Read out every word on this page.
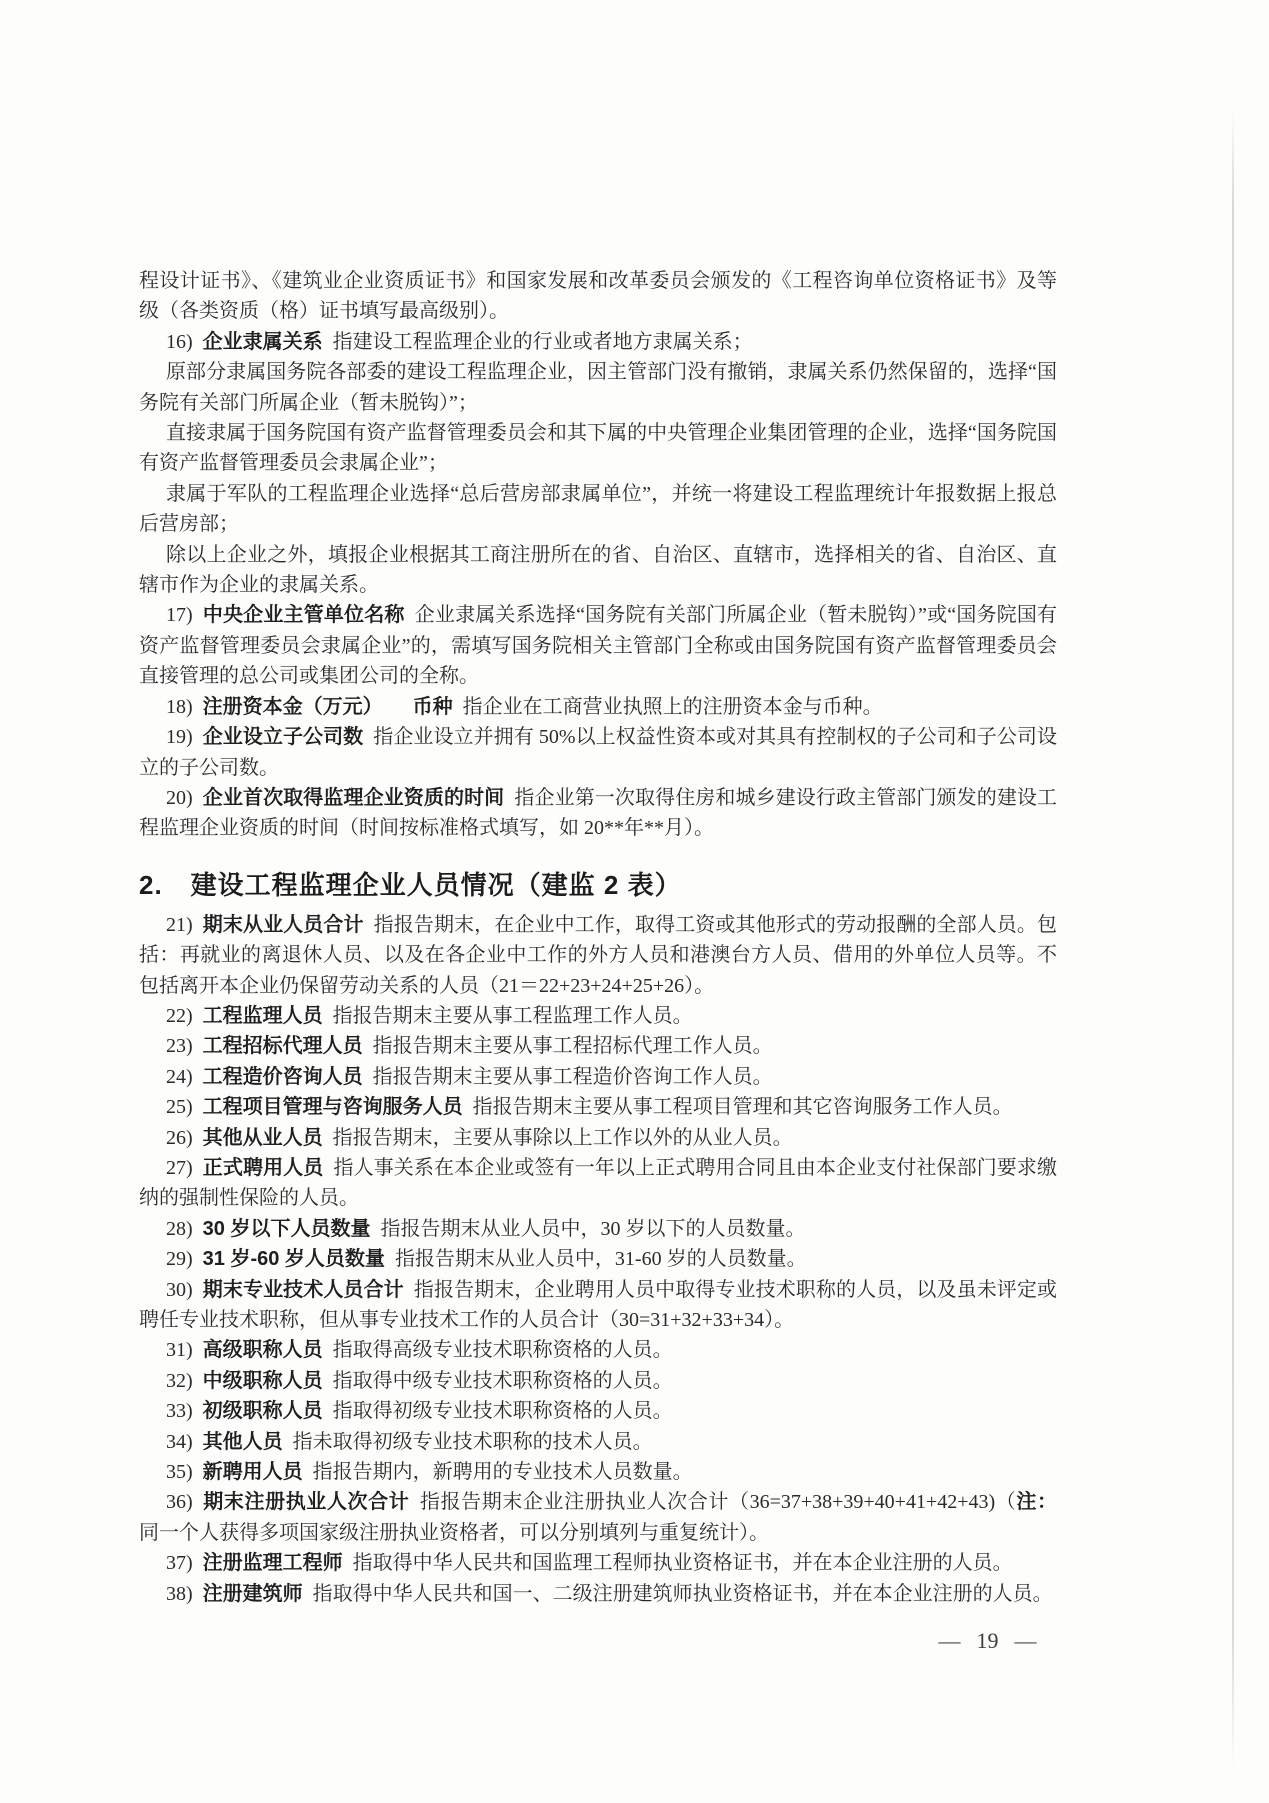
程设计证书》、《建筑业企业资质证书》和国家发展和改革委员会颁发的《工程咨询单位资格证书》及等级（各类资质（格）证书填写最高级别）。

16) 企业隶属关系 指建设工程监理企业的行业或者地方隶属关系；

原部分隶属国务院各部委的建设工程监理企业，因主管部门没有撤销，隶属关系仍然保留的，选择“国务院有关部门所属企业（暂未脱钩）”；

直接隶属于国务院国有资产监督管理委员会和其下属的中央管理企业集团管理的企业，选择“国务院国有资产监督管理委员会隶属企业”；

隶属于军队的工程监理企业选择“总后营房部隶属单位”，并统一将建设工程监理统计年报数据上报总后营房部；

除以上企业之外，填报企业根据其工商注册所在的省、自治区、直辖市，选择相关的省、自治区、直辖市作为企业的隶属关系。

17) 中央企业主管单位名称 企业隶属关系选择“国务院有关部门所属企业（暂未脱钩）”或“国务院国有资产监督管理委员会隶属企业”的，需填写国务院相关主管部门全称或由国务院国有资产监督管理委员会直接管理的总公司或集团公司的全称。

18) 注册资本金（万元）   币种 指企业在工商营业执照上的注册资本金与币种。

19) 企业设立子公司数 指企业设立并拥有 50%以上权益性资本或对其具有控制权的子公司和子公司设立的子公司数。

20) 企业首次取得监理企业资质的时间 指企业第一次取得住房和城乡建设行政主管部门颁发的建设工程监理企业资质的时间（时间按标准格式填写，如 20**年**月）。

2.  建设工程监理企业人员情况（建监 2 表）

21) 期末从业人员合计 指报告期末，在企业中工作，取得工资或其他形式的劳动报酬的全部人员。包括：再就业的离退休人员、以及在各企业中工作的外方人员和港澳台方人员、借用的外单位人员等。不包括离开本企业仍保留劳动关系的人员（21＝22+23+24+25+26）。

22) 工程监理人员 指报告期末主要从事工程监理工作人员。

23) 工程招标代理人员 指报告期末主要从事工程招标代理工作人员。

24) 工程造价咨询人员 指报告期末主要从事工程造价咨询工作人员。

25) 工程项目管理与咨询服务人员 指报告期末主要从事工程项目管理和其它咨询服务工作人员。

26) 其他从业人员 指报告期末，主要从事除以上工作以外的从业人员。

27) 正式聘用人员 指人事关系在本企业或签有一年以上正式聘用合同且由本企业支付社保部门要求缴纳的强制性保险的人员。

28) 30 岁以下人员数量 指报告期末从业人员中，30 岁以下的人员数量。

29) 31 岁-60 岁人员数量 指报告期末从业人员中，31-60 岁的人员数量。

30) 期末专业技术人员合计 指报告期末，企业聘用人员中取得专业技术职称的人员，以及虽未评定或聘任专业技术职称，但从事专业技术工作的人员合计（30=31+32+33+34）。

31) 高级职称人员 指取得高级专业技术职称资格的人员。

32) 中级职称人员 指取得中级专业技术职称资格的人员。

33) 初级职称人员 指取得初级专业技术职称资格的人员。

34) 其他人员 指未取得初级专业技术职称的技术人员。

35) 新聘用人员 指报告期内，新聘用的专业技术人员数量。

36) 期末注册执业人次合计 指报告期末企业注册执业人次合计（36=37+38+39+40+41+42+43)（注：同一个人获得多项国家级注册执业资格者，可以分别填列与重复统计）。

37) 注册监理工程师 指取得中华人民共和国监理工程师执业资格证书，并在本企业注册的人员。

38) 注册建筑师 指取得中华人民共和国一、二级注册建筑师执业资格证书，并在本企业注册的人员。

— 19 —
